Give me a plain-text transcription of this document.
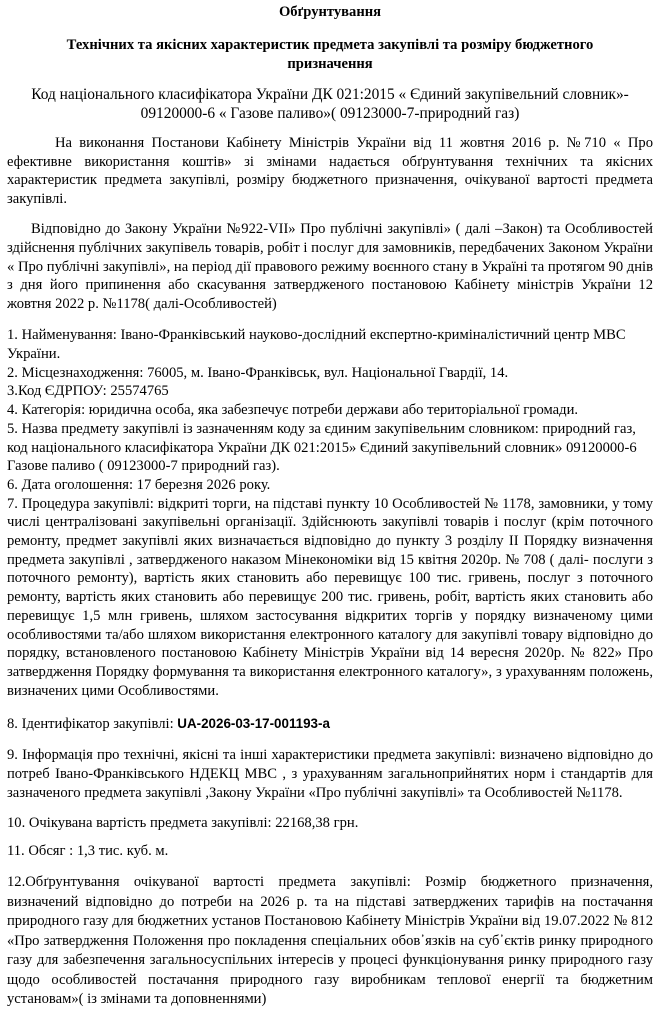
Обґрунтування
Технічних та якісних характеристик предмета закупівлі та розміру бюджетного призначення
Код національного класифікатора України ДК 021:2015 « Єдиний закупівельний словник»- 09120000-6 « Газове паливо»( 09123000-7-природний газ)

На виконання Постанови Кабінету Міністрів України від 11 жовтня 2016 р. №710 « Про ефективне використання коштів» зі змінами надається обґрунтування технічних та якісних характеристик предмета закупівлі, розміру бюджетного призначення, очікуваної вартості предмета закупівлі.

Відповідно до Закону України №922-VII» Про публічні закупівлі» ( далі –Закон) та Особливостей здійснення публічних закупівель товарів, робіт і послуг для замовників, передбачених Законом України « Про публічні закупівлі», на період дії правового режиму воєнного стану в Україні та протягом 90 днів з дня його припинення або скасування затвердженого постановою Кабінету міністрів України 12 жовтня 2022 р. №1178( далі-Особливостей)

1. Найменування: Івано-Франківський науково-дослідний експертно-криміналістичний центр МВС України.
2. Місцезнаходження: 76005, м. Івано-Франківськ, вул. Національної Гвардії, 14.
3.Код ЄДРПОУ: 25574765
4. Категорія: юридична особа, яка забезпечує потреби держави або територіальної громади.
5. Назва предмету закупівлі із зазначенням коду за єдиним закупівельним словником: природний газ, код національного класифікатора України ДК 021:2015» Єдиний закупівельний словник» 09120000-6 Газове паливо ( 09123000-7 природний газ).
6. Дата оголошення: 17 березня 2026 року.
7. Процедура закупівлі: відкриті торги, на підставі пункту 10 Особливостей № 1178, замовники, у тому числі централізовані закупівельні організації. Здійснюють закупівлі товарів і послуг (крім поточного ремонту, предмет закупівлі яких визначається відповідно до пункту 3 розділу ІІ Порядку визначення предмета закупівлі , затвердженого наказом Мінекономіки від 15 квітня 2020р. № 708 ( далі- послуги з поточного ремонту), вартість яких становить або перевищує 100 тис. гривень, послуг з поточного ремонту, вартість яких становить або перевищує 200 тис. гривень, робіт, вартість яких становить або перевищує 1,5 млн гривень, шляхом застосування відкритих торгів у порядку визначеному цими особливостями та/або шляхом використання електронного каталогу для закупівлі товару відповідно до порядку, встановленого постановою Кабінету Міністрів України від 14 вересня 2020р. № 822» Про затвердження Порядку формування та використання електронного каталогу», з урахуванням положень, визначених цими Особливостями.
8. Ідентифікатор закупівлі: UA-2026-03-17-001193-a

9. Інформація про технічні, якісні та інші характеристики предмета закупівлі: визначено відповідно до потреб Івано-Франківського НДЕКЦ МВС , з урахуванням загальноприйнятих норм і стандартів для зазначеного предмета закупівлі ,Закону України «Про публічні закупівлі» та Особливостей №1178.

10. Очікувана вартість предмета закупівлі: 22168,38 грн.
11. Обсяг : 1,3 тис. куб. м.
12.Обґрунтування очікуваної вартості предмета закупівлі: Розмір бюджетного призначення, визначений відповідно до потреби на 2026 р. та на підставі затверджених тарифів на постачання природного газу для бюджетних установ Постановою Кабінету Міністрів України від 19.07.2022 № 812 «Про затвердження Положення про покладення спеціальних обов᾿язків на суб᾿єктів ринку природного газу для забезпечення загальносуспільних інтересів у процесі функціонування ринку природного газу щодо особливостей постачання природного газу виробникам теплової енергії та бюджетним установам»( із змінами та доповненнями)
